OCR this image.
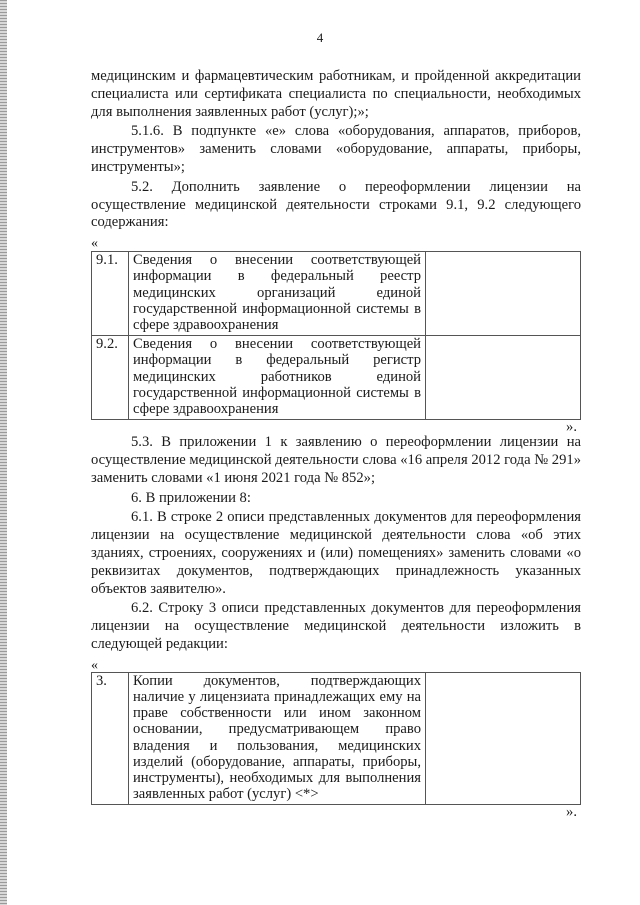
4

медицинским и фармацевтическим работникам, и пройденной аккредитации специалиста или сертификата специалиста по специальности, необходимых для выполнения заявленных работ (услуг);»;

5.1.6. В подпункте «е» слова «оборудования, аппаратов, приборов, инструментов» заменить словами «оборудование, аппараты, приборы, инструменты»;

5.2. Дополнить заявление о переоформлении лицензии на осуществление медицинской деятельности строками 9.1, 9.2 следующего содержания:

«
9.1.	Сведения о внесении соответствующей информации в федеральный реестр медицинских организаций единой государственной информационной системы в сфере здравоохранения	
9.2.	Сведения о внесении соответствующей информации в федеральный регистр медицинских работников единой государственной информационной системы в сфере здравоохранения	
».

5.3. В приложении 1 к заявлению о переоформлении лицензии на осуществление медицинской деятельности слова «16 апреля 2012 года № 291» заменить словами «1 июня 2021 года № 852»;

6. В приложении 8:

6.1. В строке 2 описи представленных документов для переоформления лицензии на осуществление медицинской деятельности слова «об этих зданиях, строениях, сооружениях и (или) помещениях» заменить словами «о реквизитах документов, подтверждающих принадлежность указанных объектов заявителю».

6.2. Строку 3 описи представленных документов для переоформления лицензии на осуществление медицинской деятельности изложить в следующей редакции:

«
3.	Копии документов, подтверждающих наличие у лицензиата принадлежащих ему на праве собственности или ином законном основании, предусматривающем право владения и пользования, медицинских изделий (оборудование, аппараты, приборы, инструменты), необходимых для выполнения заявленных работ (услуг) <*>	
».
